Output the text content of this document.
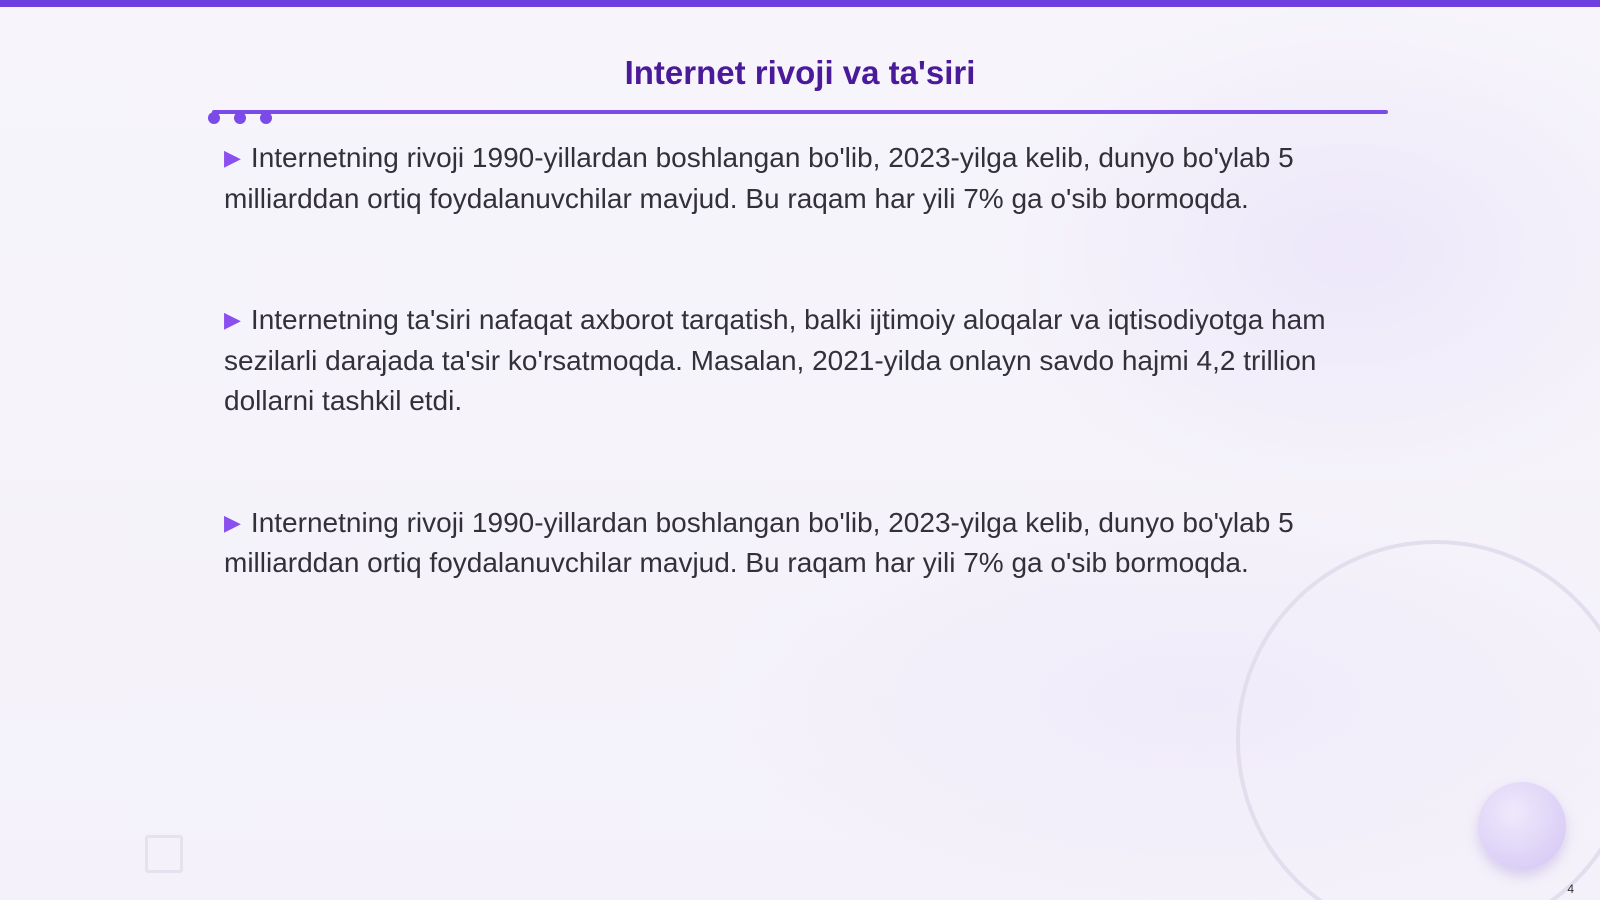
Internet rivoji va ta'siri

▶ Internetning rivoji 1990-yillardan boshlangan bo'lib, 2023-yilga kelib, dunyo bo'ylab 5 milliarddan ortiq foydalanuvchilar mavjud. Bu raqam har yili 7% ga o'sib bormoqda.

▶ Internetning ta'siri nafaqat axborot tarqatish, balki ijtimoiy aloqalar va iqtisodiyotga ham sezilarli darajada ta'sir ko'rsatmoqda. Masalan, 2021-yilda onlayn savdo hajmi 4,2 trillion dollarni tashkil etdi.

▶ Internetning rivoji 1990-yillardan boshlangan bo'lib, 2023-yilga kelib, dunyo bo'ylab 5 milliarddan ortiq foydalanuvchilar mavjud. Bu raqam har yili 7% ga o'sib bormoqda.

4
